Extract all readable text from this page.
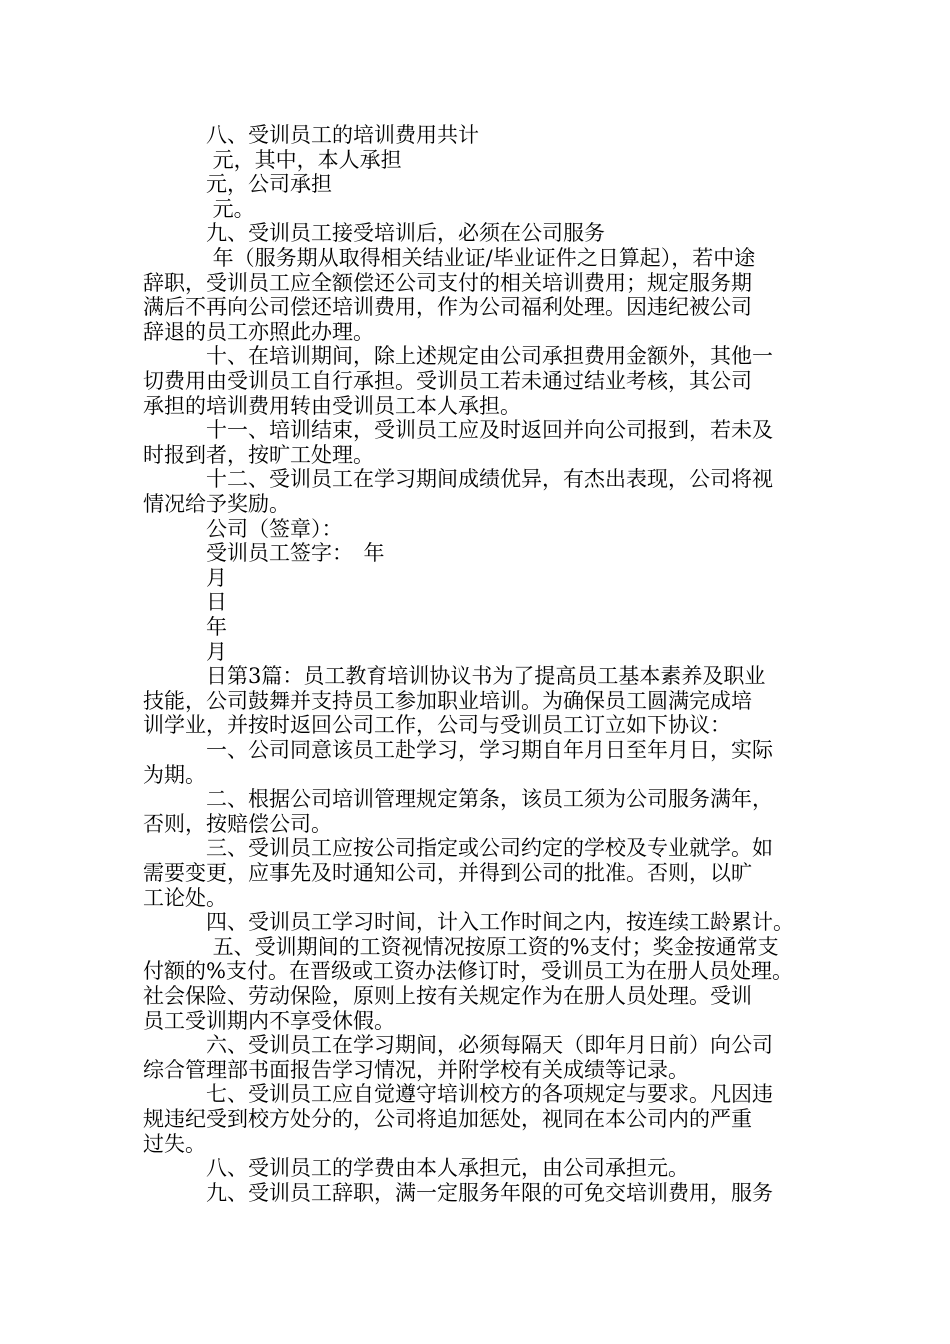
　　　八、受训员工的培训费用共计
　　　 元，其中，本人承担
　　　元，公司承担
　　　 元。
　　　九、受训员工接受培训后，必须在公司服务
　　　 年（服务期从取得相关结业证/毕业证件之日算起），若中途
辞职，受训员工应全额偿还公司支付的相关培训费用；规定服务期
满后不再向公司偿还培训费用，作为公司福利处理。因违纪被公司
辞退的员工亦照此办理。
　　　十、在培训期间，除上述规定由公司承担费用金额外，其他一
切费用由受训员工自行承担。受训员工若未通过结业考核，其公司
承担的培训费用转由受训员工本人承担。
　　　十一、培训结束，受训员工应及时返回并向公司报到，若未及
时报到者，按旷工处理。
　　　十二、受训员工在学习期间成绩优异，有杰出表现，公司将视
情况给予奖励。
　　　公司（签章）：
　　　受训员工签字：　年
　　　月
　　　日
　　　年
　　　月
　　　日第3篇：员工教育培训协议书为了提高员工基本素养及职业
技能，公司鼓舞并支持员工参加职业培训。为确保员工圆满完成培
训学业，并按时返回公司工作，公司与受训员工订立如下协议：
　　　一、公司同意该员工赴学习，学习期自年月日至年月日，实际
为期。
　　　二、根据公司培训管理规定第条，该员工须为公司服务满年，
否则，按赔偿公司。
　　　三、受训员工应按公司指定或公司约定的学校及专业就学。如
需要变更，应事先及时通知公司，并得到公司的批准。否则，以旷
工论处。
　　　四、受训员工学习时间，计入工作时间之内，按连续工龄累计。
　　　 五、受训期间的工资视情况按原工资的%支付；奖金按通常支
付额的%支付。在晋级或工资办法修订时，受训员工为在册人员处理。
社会保险、劳动保险，原则上按有关规定作为在册人员处理。受训
员工受训期内不享受休假。
　　　六、受训员工在学习期间，必须每隔天（即年月日前）向公司
综合管理部书面报告学习情况，并附学校有关成绩等记录。
　　　七、受训员工应自觉遵守培训校方的各项规定与要求。凡因违
规违纪受到校方处分的，公司将追加惩处，视同在本公司内的严重
过失。
　　　八、受训员工的学费由本人承担元，由公司承担元。
　　　九、受训员工辞职，满一定服务年限的可免交培训费用，服务
